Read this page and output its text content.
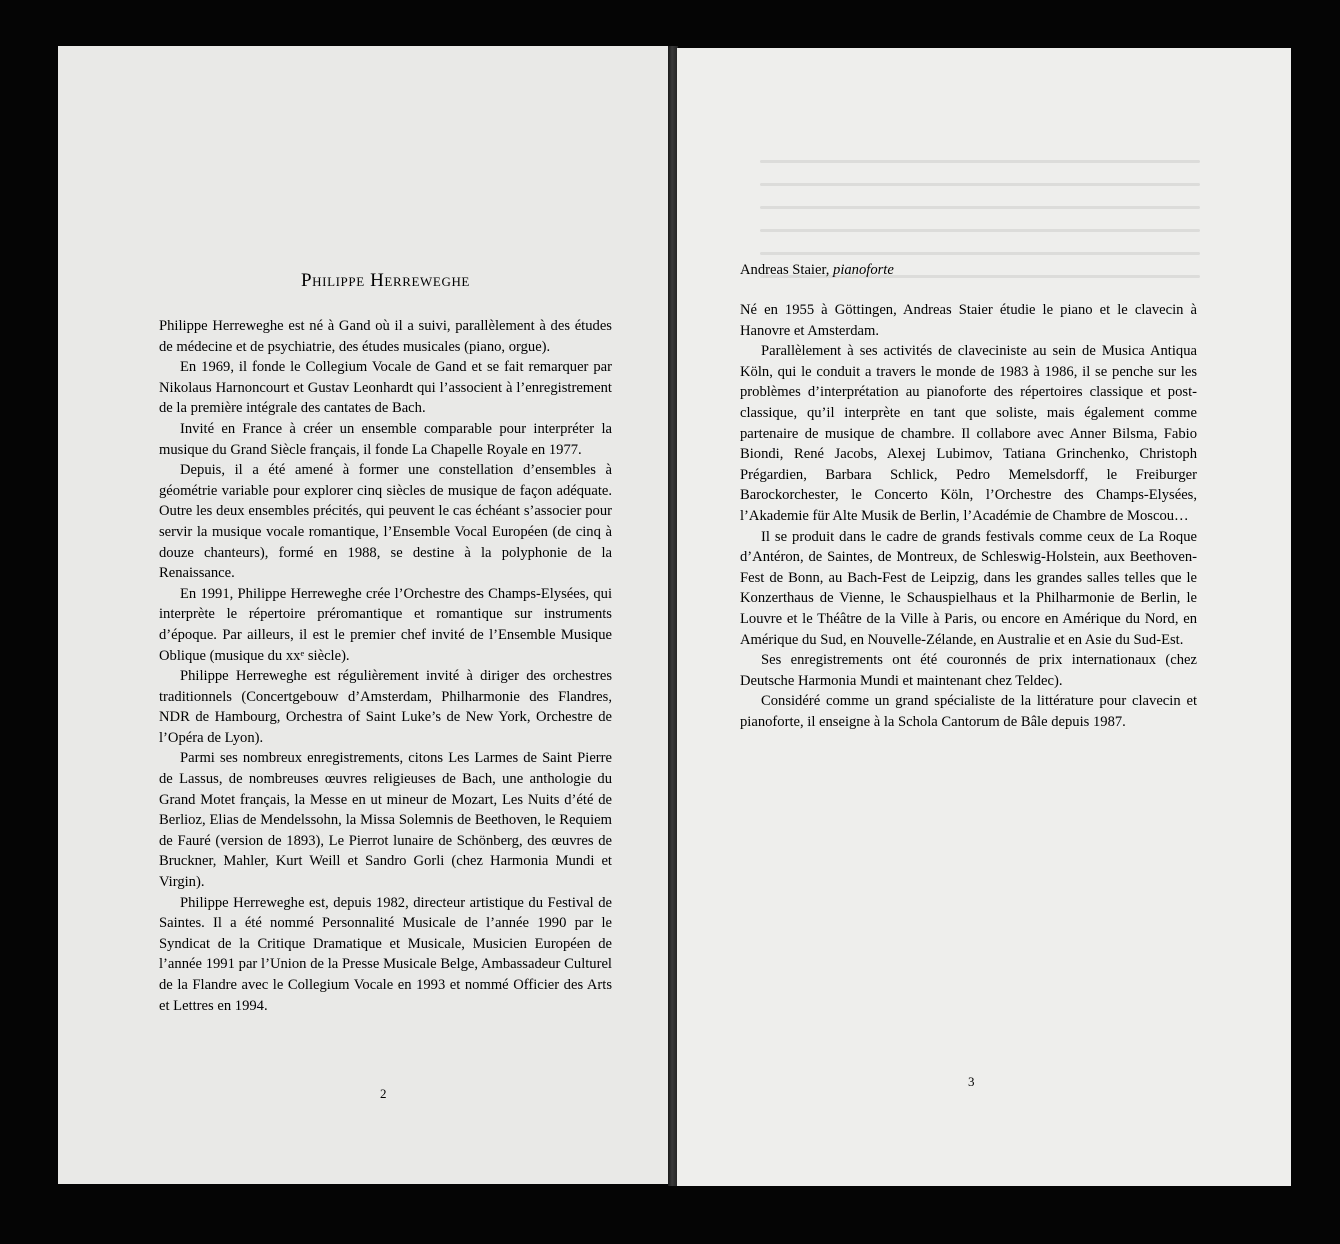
Philippe Herreweghe

Philippe Herreweghe est né à Gand où il a suivi, parallèlement à des études de médecine et de psychiatrie, des études musicales (piano, orgue).

En 1969, il fonde le Collegium Vocale de Gand et se fait remarquer par Nikolaus Harnoncourt et Gustav Leonhardt qui l’associent à l’enregistrement de la première intégrale des cantates de Bach.

Invité en France à créer un ensemble comparable pour interpréter la musique du Grand Siècle français, il fonde La Chapelle Royale en 1977.

Depuis, il a été amené à former une constellation d’ensembles à géométrie variable pour explorer cinq siècles de musique de façon adéquate. Outre les deux ensembles précités, qui peuvent le cas échéant s’associer pour servir la musique vocale romantique, l’Ensemble Vocal Européen (de cinq à douze chanteurs), formé en 1988, se destine à la polyphonie de la Renaissance.

En 1991, Philippe Herreweghe crée l’Orchestre des Champs-Elysées, qui interprète le répertoire préromantique et romantique sur instruments d’époque. Par ailleurs, il est le premier chef invité de l’Ensemble Musique Oblique (musique du xxᵉ siècle).

Philippe Herreweghe est régulièrement invité à diriger des orchestres traditionnels (Concertgebouw d’Amsterdam, Philharmonie des Flandres, NDR de Hambourg, Orchestra of Saint Luke’s de New York, Orchestre de l’Opéra de Lyon).

Parmi ses nombreux enregistrements, citons Les Larmes de Saint Pierre de Lassus, de nombreuses œuvres religieuses de Bach, une anthologie du Grand Motet français, la Messe en ut mineur de Mozart, Les Nuits d’été de Berlioz, Elias de Mendelssohn, la Missa Solemnis de Beethoven, le Requiem de Fauré (version de 1893), Le Pierrot lunaire de Schönberg, des œuvres de Bruckner, Mahler, Kurt Weill et Sandro Gorli (chez Harmonia Mundi et Virgin).

Philippe Herreweghe est, depuis 1982, directeur artistique du Festival de Saintes. Il a été nommé Personnalité Musicale de l’année 1990 par le Syndicat de la Critique Dramatique et Musicale, Musicien Européen de l’année 1991 par l’Union de la Presse Musicale Belge, Ambassadeur Culturel de la Flandre avec le Collegium Vocale en 1993 et nommé Officier des Arts et Lettres en 1994.

2
Andreas Staier, pianoforte

Né en 1955 à Göttingen, Andreas Staier étudie le piano et le clavecin à Hanovre et Amsterdam.

Parallèlement à ses activités de claveciniste au sein de Musica Antiqua Köln, qui le conduit a travers le monde de 1983 à 1986, il se penche sur les problèmes d’interprétation au pianoforte des répertoires classique et post-classique, qu’il interprète en tant que soliste, mais également comme partenaire de musique de chambre. Il collabore avec Anner Bilsma, Fabio Biondi, René Jacobs, Alexej Lubimov, Tatiana Grinchenko, Christoph Prégardien, Barbara Schlick, Pedro Memelsdorff, le Freiburger Barockorchester, le Concerto Köln, l’Orchestre des Champs-Elysées, l’Akademie für Alte Musik de Berlin, l’Académie de Chambre de Moscou…

Il se produit dans le cadre de grands festivals comme ceux de La Roque d’Antéron, de Saintes, de Montreux, de Schleswig-Holstein, aux Beethoven-Fest de Bonn, au Bach-Fest de Leipzig, dans les grandes salles telles que le Konzerthaus de Vienne, le Schauspielhaus et la Philharmonie de Berlin, le Louvre et le Théâtre de la Ville à Paris, ou encore en Amérique du Nord, en Amérique du Sud, en Nouvelle-Zélande, en Australie et en Asie du Sud-Est.

Ses enregistrements ont été couronnés de prix internationaux (chez Deutsche Harmonia Mundi et maintenant chez Teldec).

Considéré comme un grand spécialiste de la littérature pour clavecin et pianoforte, il enseigne à la Schola Cantorum de Bâle depuis 1987.

3
